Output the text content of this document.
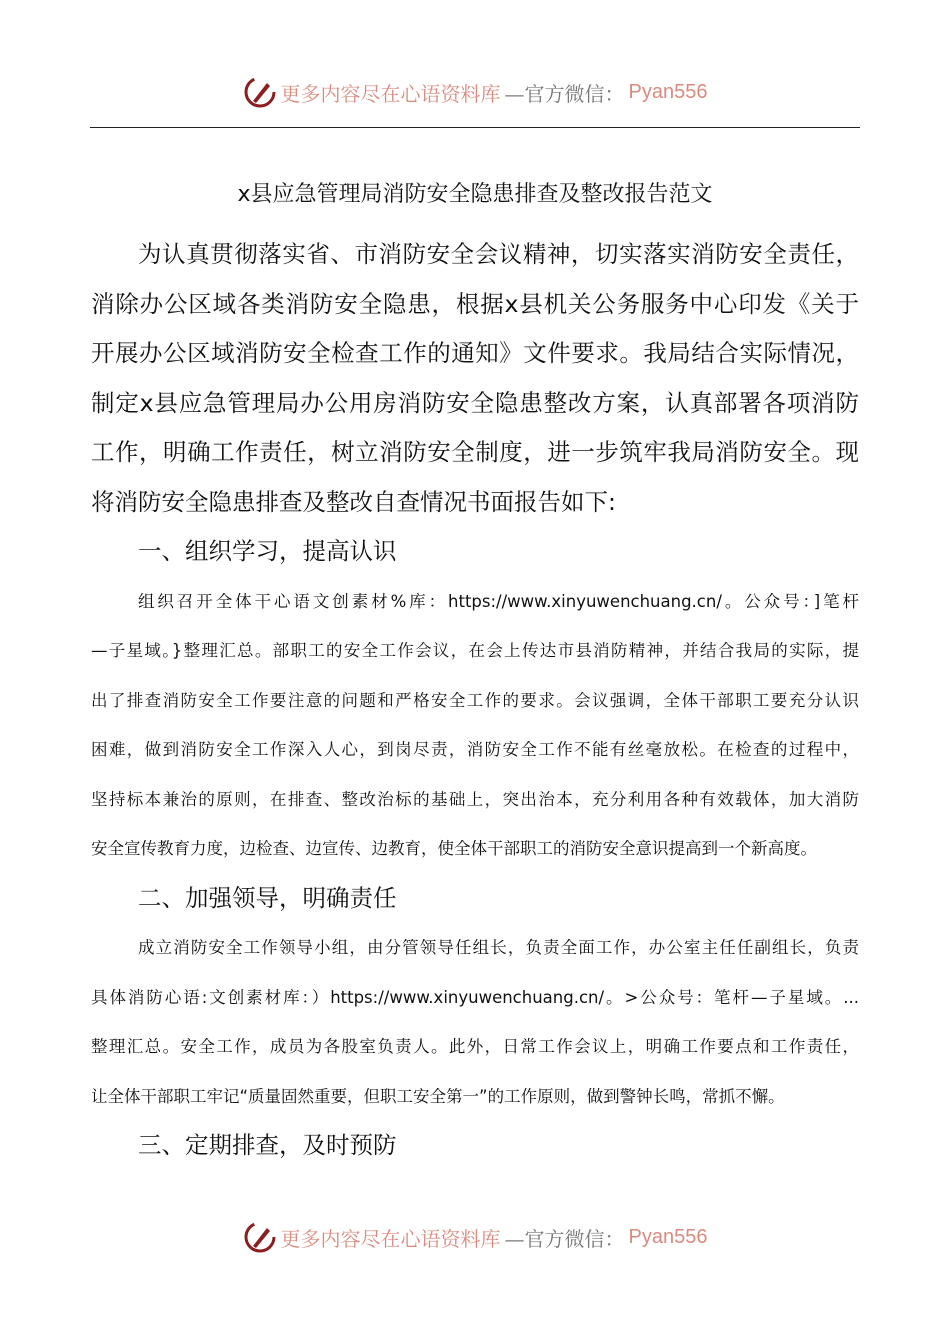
更多内容尽在心语资料库 —官方微信： Pyan556
x县应急管理局消防安全隐患排查及整改报告范文
为认真贯彻落实省、市消防安全会议精神，切实落实消防安全责任，
消除办公区域各类消防安全隐患，根据x县机关公务服务中心印发《关于
开展办公区域消防安全检查工作的通知》文件要求。我局结合实际情况，
制定x县应急管理局办公用房消防安全隐患整改方案，认真部署各项消防
工作，明确工作责任，树立消防安全制度，进一步筑牢我局消防安全。现
将消防安全隐患排查及整改自查情况书面报告如下:
一、组织学习，提高认识
组织召开全体干心语文创素材%库：https://www.xinyuwenchuang.cn/。公众号：]笔杆
—子星域。}整理汇总。部职工的安全工作会议，在会上传达市县消防精神，并结合我局的实际，提
出了排查消防安全工作要注意的问题和严格安全工作的要求。会议强调，全体干部职工要充分认识
困难，做到消防安全工作深入人心，到岗尽责，消防安全工作不能有丝毫放松。在检查的过程中，
坚持标本兼治的原则，在排查、整改治标的基础上，突出治本，充分利用各种有效载体，加大消防
安全宣传教育力度，边检查、边宣传、边教育，使全体干部职工的消防安全意识提高到一个新高度。
二、加强领导，明确责任
成立消防安全工作领导小组，由分管领导任组长，负责全面工作，办公室主任任副组长，负责
具体消防心语:文创素材库：）https://www.xinyuwenchuang.cn/。>公众号：笔杆—子星域。...
整理汇总。安全工作，成员为各股室负责人。此外，日常工作会议上，明确工作要点和工作责任，
让全体干部职工牢记“质量固然重要，但职工安全第一”的工作原则，做到警钟长鸣，常抓不懈。
三、定期排查，及时预防
更多内容尽在心语资料库 —官方微信： Pyan556
